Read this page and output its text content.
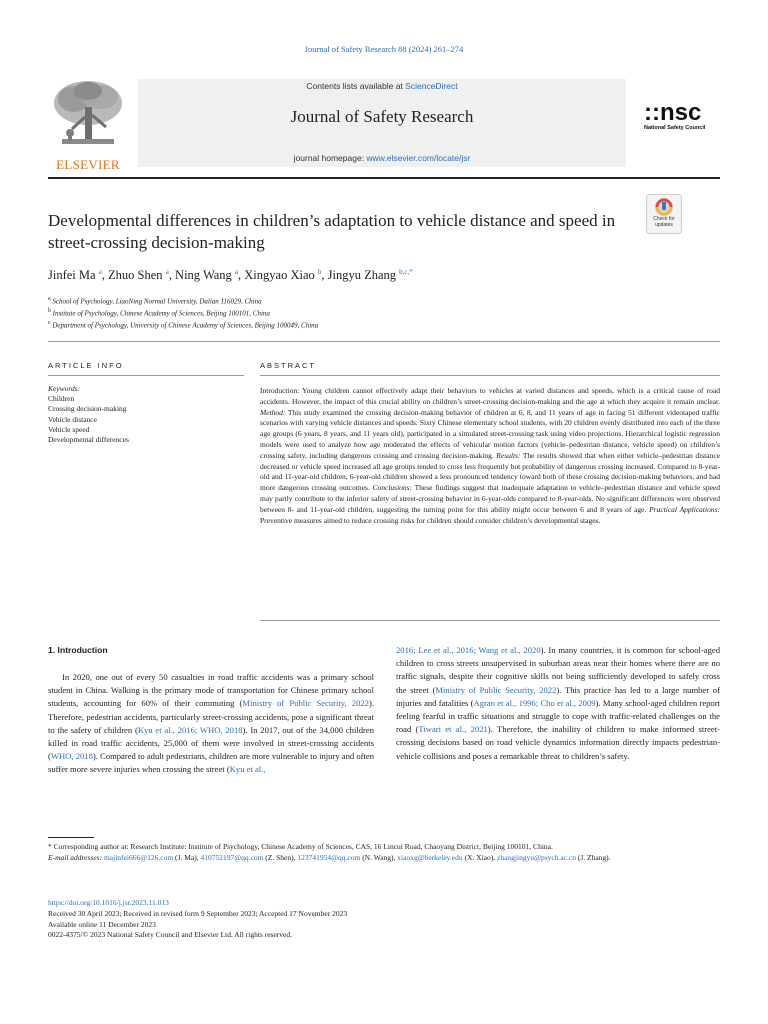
Journal of Safety Research 88 (2024) 261–274
ELSEVIER
Contents lists available at ScienceDirect
Journal of Safety Research
journal homepage: www.elsevier.com/locate/jsr
::nsc
National Safety Council
Developmental differences in children’s adaptation to vehicle distance and speed in street-crossing decision-making
Check for updates
Jinfei Ma $^a$, Zhuo Shen $^a$, Ning Wang $^a$, Xingyao Xiao $^b$, Jingyu Zhang $^{b,c,*}$
$^a$ School of Psychology, LiaoNing Normal University, Dalian 116029, China
$^b$ Institute of Psychology, Chinese Academy of Sciences, Beijing 100101, China
$^c$ Department of Psychology, University of Chinese Academy of Sciences, Beijing 100049, China
ARTICLE INFO	ABSTRACT
Keywords:
Children
Crossing decision-making
Vehicle distance
Vehicle speed
Developmental differences
Introduction: Young children cannot effectively adapt their behaviors to vehicles at varied distances and speeds, which is a critical cause of road accidents. However, the impact of this crucial ability on children’s street-crossing decision-making and the age at which they acquire it remain unclear. Method: This study examined the crossing decision-making behavior of children at 6, 8, and 11 years of age in facing 51 different videotaped traffic scenarios with varying vehicle distances and speeds. Sixty Chinese elementary school students, with 20 children evenly distributed into each of the three age groups (6 years, 8 years, and 11 years old), participated in a simulated street-crossing task using video projections. Hierarchical logistic regression models were used to analyze how age moderated the effects of vehicular motion factors (vehicle–pedestrian distance, vehicle speed) on children’s crossing safety, including dangerous crossing and crossing decision-making. Results: The results showed that when either vehicle–pedestrian distance decreased or vehicle speed increased all age groups tended to cross less frequently but probability of dangerous crossing increased. Compared to 8-year-old and 11-year-old children, 6-year-old children showed a less pronounced tendency toward both of these crossing decision-making behaviors, and had more dangerous crossing outcomes. Conclusions: These findings suggest that inadequate adaptation to vehicle–pedestrian distance and vehicle speed may partly contribute to the inferior safety of street-crossing behavior in 6-year-olds compared to 8-year-olds. No significant differences were observed between 8- and 11-year-old children, suggesting the turning point for this ability might occur between 6 and 8 years of age. Practical Applications: Preventive measures aimed to reduce crossing risks for children should consider children’s developmental stages.
1. Introduction
In 2020, one out of every 50 casualties in road traffic accidents was a primary school student in China. Walking is the primary mode of transportation for Chinese primary school students, accounting for 60% of their commuting (Ministry of Public Security, 2022). Therefore, pedestrian accidents, particularly street-crossing accidents, pose a significant threat to the safety of children (Kyu et al., 2016; WHO, 2018). In 2017, out of the 34,000 children killed in road traffic accidents, 25,000 of them were involved in street-crossing accidents (WHO, 2018). Compared to adult pedestrians, children are more vulnerable to injury and often suffer more severe injuries when crossing the street (Kyu et al.,
2016; Lee et al., 2016; Wang et al., 2020). In many countries, it is common for school-aged children to cross streets unsupervised in suburban areas near their homes where there are no traffic signals, despite their cognitive skills not being sufficiently developed to safely cross the street (Ministry of Public Security, 2022). This practice has led to a large number of injuries and fatalities (Agran et al., 1996; Cho et al., 2009). Many school-aged children report feeling fearful in traffic situations and struggle to cope with traffic-related challenges on the road (Tiwari et al., 2021). Therefore, the inability of children to make informed street-crossing decisions based on road vehicle dynamics information directly impacts pedestrian-vehicle collisions and poses a remarkable threat to children’s safety.
* Corresponding author at: Research Institute: Institute of Psychology, Chinese Academy of Sciences, CAS, 16 Lincui Road, Chaoyang District, Beijing 100101, China.
E-mail addresses: majinfei666@126.com (J. Ma), 410752197@qq.com (Z. Shen), 123741954@qq.com (N. Wang), xiaoxg@berkeley.edu (X. Xiao), zhangjingyu@psych.ac.cn (J. Zhang).
https://doi.org/10.1016/j.jsr.2023.11.013
Received 30 April 2023; Received in revised form 9 September 2023; Accepted 17 November 2023
Available online 11 December 2023
0022-4375/© 2023 National Safety Council and Elsevier Ltd. All rights reserved.
